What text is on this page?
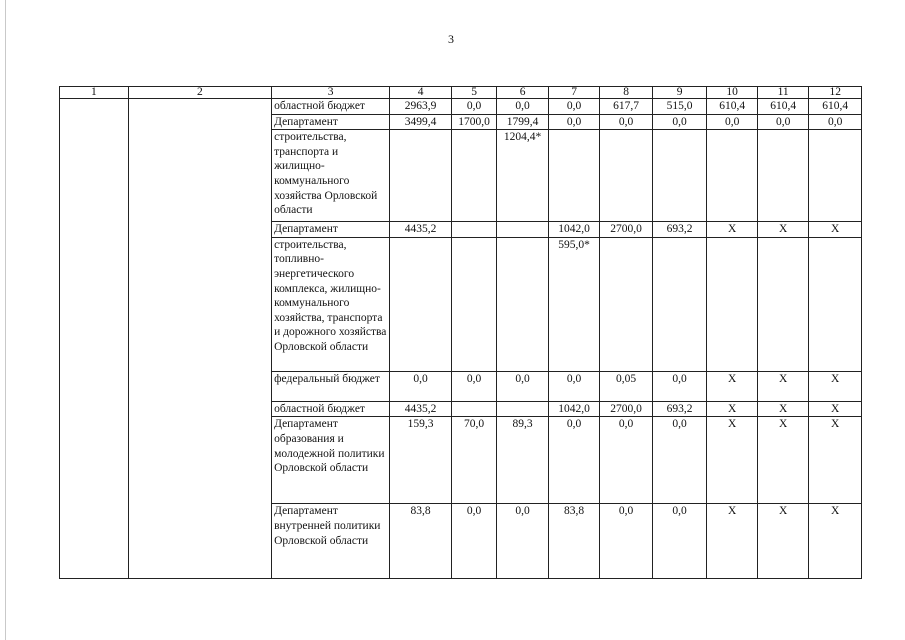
3
1	2	3	4	5	6	7	8	9	10	11	12
		областной бюджет	2963,9	0,0	0,0	0,0	617,7	515,0	610,4	610,4	610,4
		Департамент	3499,4	1700,0	1799,4	0,0	0,0	0,0	0,0	0,0	0,0
		строительства, транспорта и жилищно-коммунального хозяйства Орловской области			1204,4*						
		Департамент	4435,2			1042,0	2700,0	693,2	Х	Х	Х
		строительства, топливно-энергетического комплекса, жилищно-коммунального хозяйства, транспорта и дорожного хозяйства Орловской области				595,0*					
		федеральный бюджет	0,0	0,0	0,0	0,0	0,05	0,0	Х	Х	Х
		областной бюджет	4435,2			1042,0	2700,0	693,2	Х	Х	Х
		Департамент образования и молодежной политики Орловской области	159,3	70,0	89,3	0,0	0,0	0,0	Х	Х	Х
		Департамент внутренней политики Орловской области	83,8	0,0	0,0	83,8	0,0	0,0	Х	Х	Х
